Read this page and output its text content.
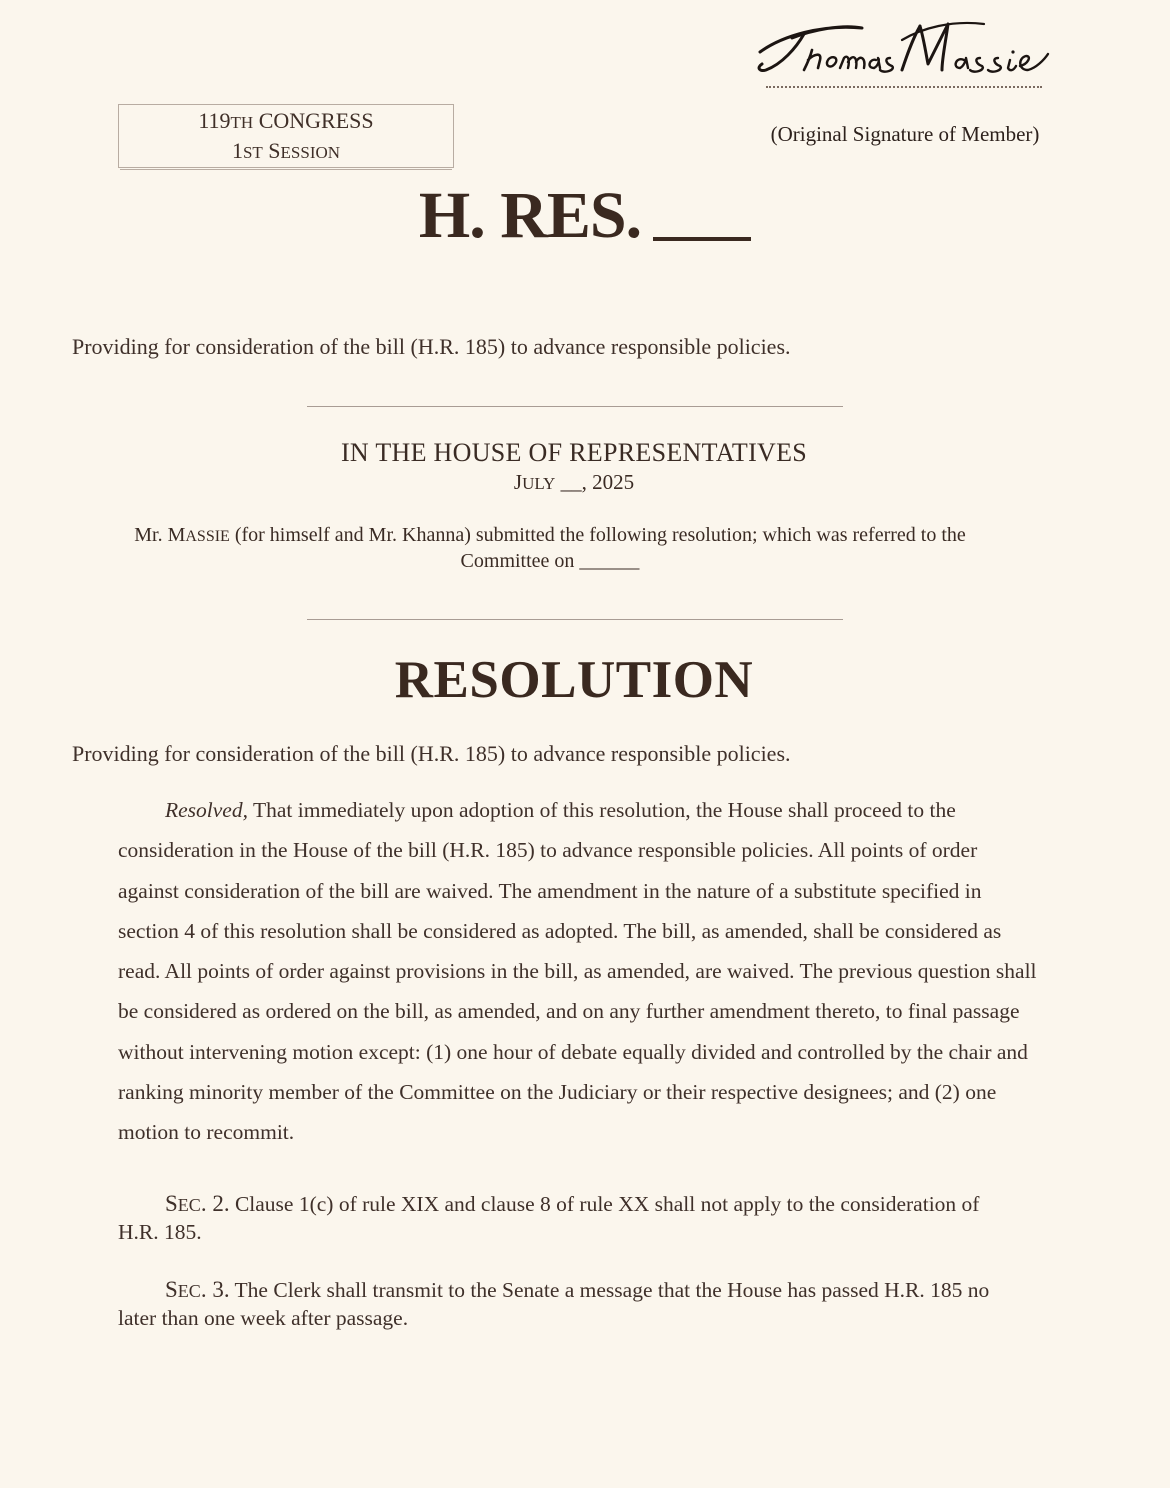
119TH CONGRESS
1ST SESSION
(Original Signature of Member)
H. RES.
Providing for consideration of the bill (H.R. 185) to advance responsible policies.
IN THE HOUSE OF REPRESENTATIVES
JULY __, 2025
Mr. MASSIE (for himself and Mr. Khanna) submitted the following resolution; which was referred to the Committee on ______
RESOLUTION
Providing for consideration of the bill (H.R. 185) to advance responsible policies.
Resolved, That immediately upon adoption of this resolution, the House shall proceed to the consideration in the House of the bill (H.R. 185) to advance responsible policies. All points of order against consideration of the bill are waived. The amendment in the nature of a substitute specified in section 4 of this resolution shall be considered as adopted. The bill, as amended, shall be considered as read. All points of order against provisions in the bill, as amended, are waived. The previous question shall be considered as ordered on the bill, as amended, and on any further amendment thereto, to final passage without intervening motion except: (1) one hour of debate equally divided and controlled by the chair and ranking minority member of the Committee on the Judiciary or their respective designees; and (2) one motion to recommit.
SEC. 2. Clause 1(c) of rule XIX and clause 8 of rule XX shall not apply to the consideration of H.R. 185.
SEC. 3. The Clerk shall transmit to the Senate a message that the House has passed H.R. 185 no later than one week after passage.
